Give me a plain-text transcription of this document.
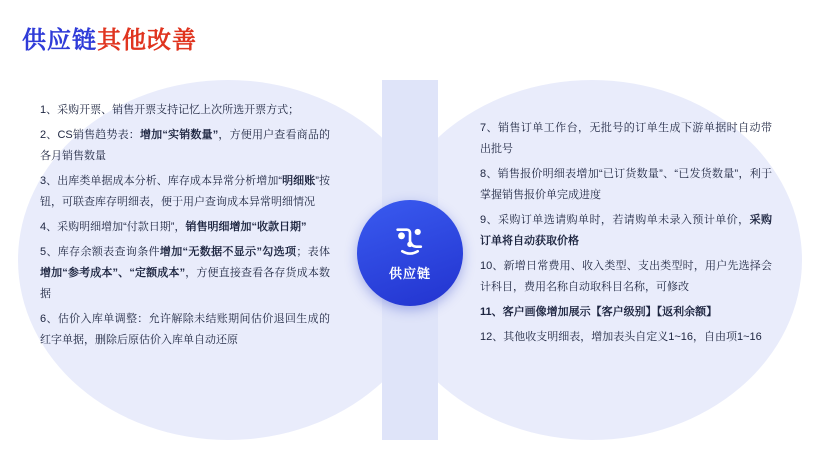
供应链其他改善
供应链

1、采购开票、销售开票支持记忆上次所选开票方式；

2、CS销售趋势表：增加“实销数量”，方便用户查看商品的各月销售数量

3、出库类单据成本分析、库存成本异常分析增加“明细账”按钮，可联查库存明细表，便于用户查询成本异常明细情况

4、采购明细增加“付款日期”，销售明细增加“收款日期”

5、库存余额表查询条件增加“无数据不显示”勾选项；表体增加“参考成本”、“定额成本”，方便直接查看各存货成本数据

6、估价入库单调整：允许解除未结账期间估价退回生成的红字单据，删除后原估价入库单自动还原

7、销售订单工作台，无批号的订单生成下游单据时自动带出批号

8、销售报价明细表增加“已订货数量”、“已发货数量”，利于掌握销售报价单完成进度

9、采购订单选请购单时，若请购单未录入预计单价，采购订单将自动获取价格

10、新增日常费用、收入类型、支出类型时，用户先选择会计科目，费用名称自动取科目名称，可修改

11、客户画像增加展示【客户级别】【返利余额】

12、其他收支明细表，增加表头自定义1~16，自由项1~16
